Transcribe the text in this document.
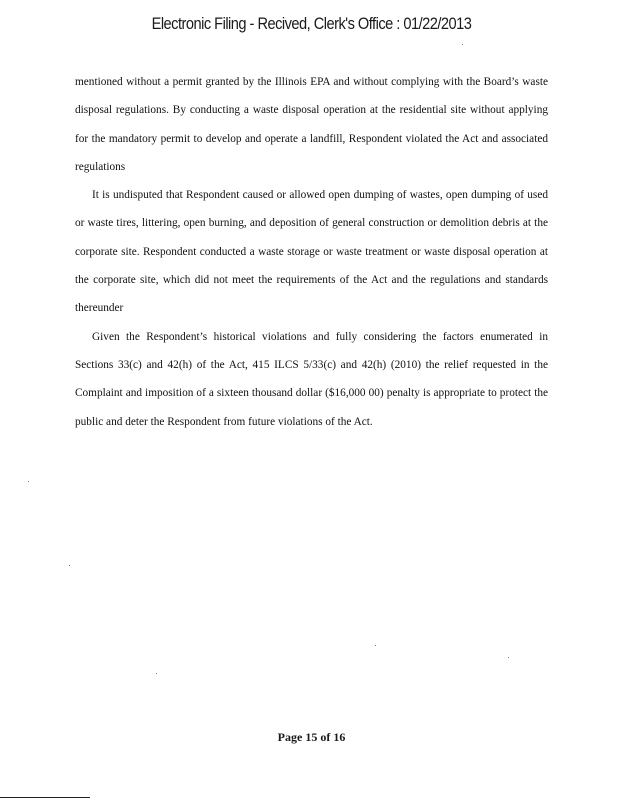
Electronic Filing - Recived, Clerk's Office : 01/22/2013

mentioned without a permit granted by the Illinois EPA and without complying with the Board’s waste disposal regulations. By conducting a waste disposal operation at the residential site without applying for the mandatory permit to develop and operate a landfill, Respondent violated the Act and associated regulations

It is undisputed that Respondent caused or allowed open dumping of wastes, open dumping of used or waste tires, littering, open burning, and deposition of general construction or demolition debris at the corporate site. Respondent conducted a waste storage or waste treatment or waste disposal operation at the corporate site, which did not meet the requirements of the Act and the regulations and standards thereunder

Given the Respondent’s historical violations and fully considering the factors enumerated in Sections 33(c) and 42(h) of the Act, 415 ILCS 5/33(c) and 42(h) (2010) the relief requested in the Complaint and imposition of a sixteen thousand dollar ($16,000 00) penalty is appropriate to protect the public and deter the Respondent from future violations of the Act.

Page 15 of 16
